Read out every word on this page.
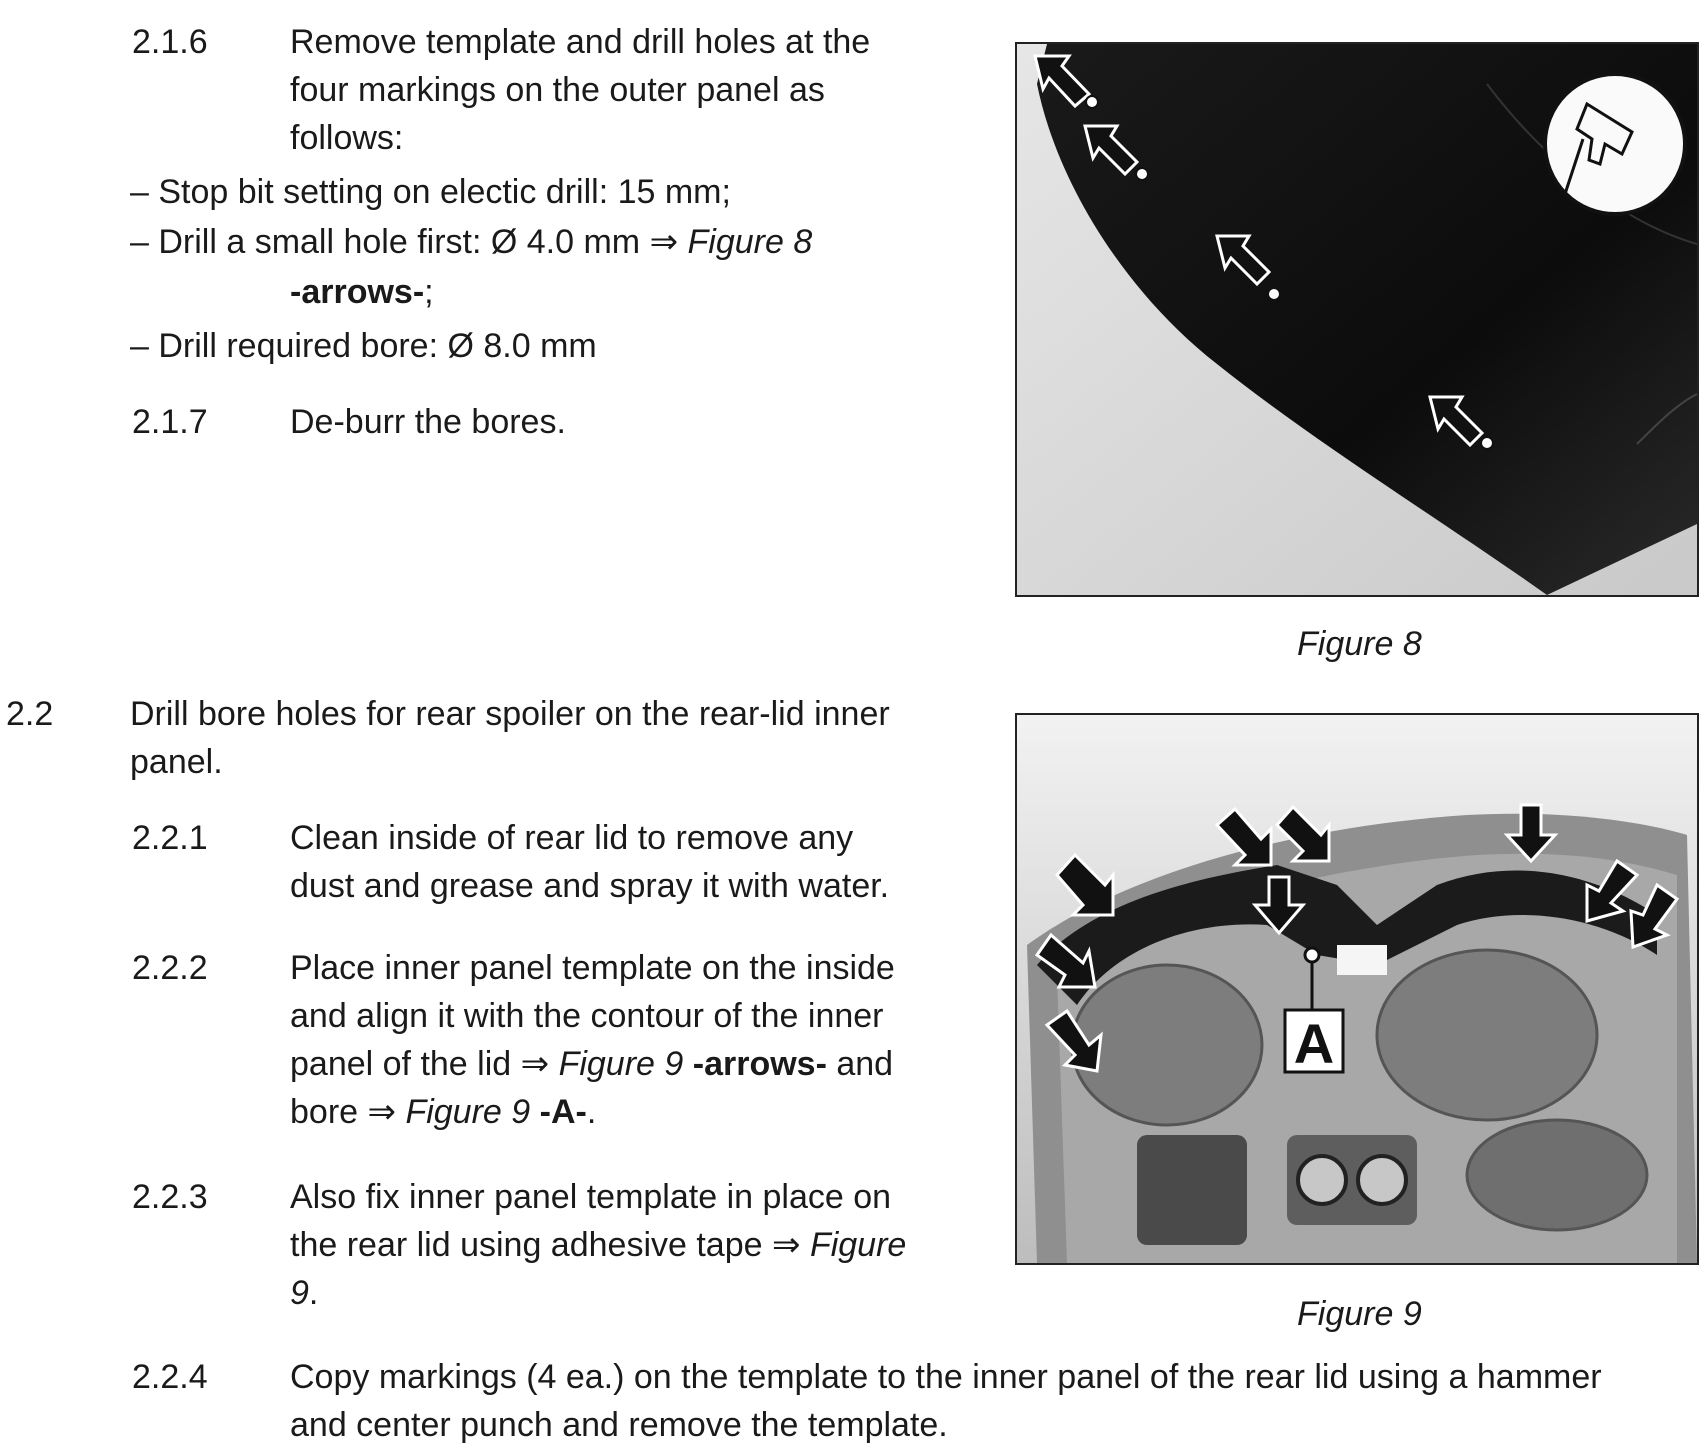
2.1.6 Remove template and drill holes at the
four markings on the outer panel as
follows:
– Stop bit setting on electic drill: 15 mm;
– Drill a small hole first: Ø 4.0 mm ⇒ Figure 8
-arrows-;
– Drill required bore: Ø 8.0 mm
2.1.7 De-burr the bores.
2.2 Drill bore holes for rear spoiler on the rear-lid inner
panel.
2.2.1 Clean inside of rear lid to remove any
dust and grease and spray it with water.
2.2.2 Place inner panel template on the inside
and align it with the contour of the inner
panel of the lid ⇒ Figure 9 -arrows- and
bore ⇒ Figure 9 -A-.
2.2.3 Also fix inner panel template in place on
the rear lid using adhesive tape ⇒ Figure
9.
2.2.4 Copy markings (4 ea.) on the template to the inner panel of the rear lid using a hammer
and center punch and remove the template.
Figure 8
A
Figure 9
